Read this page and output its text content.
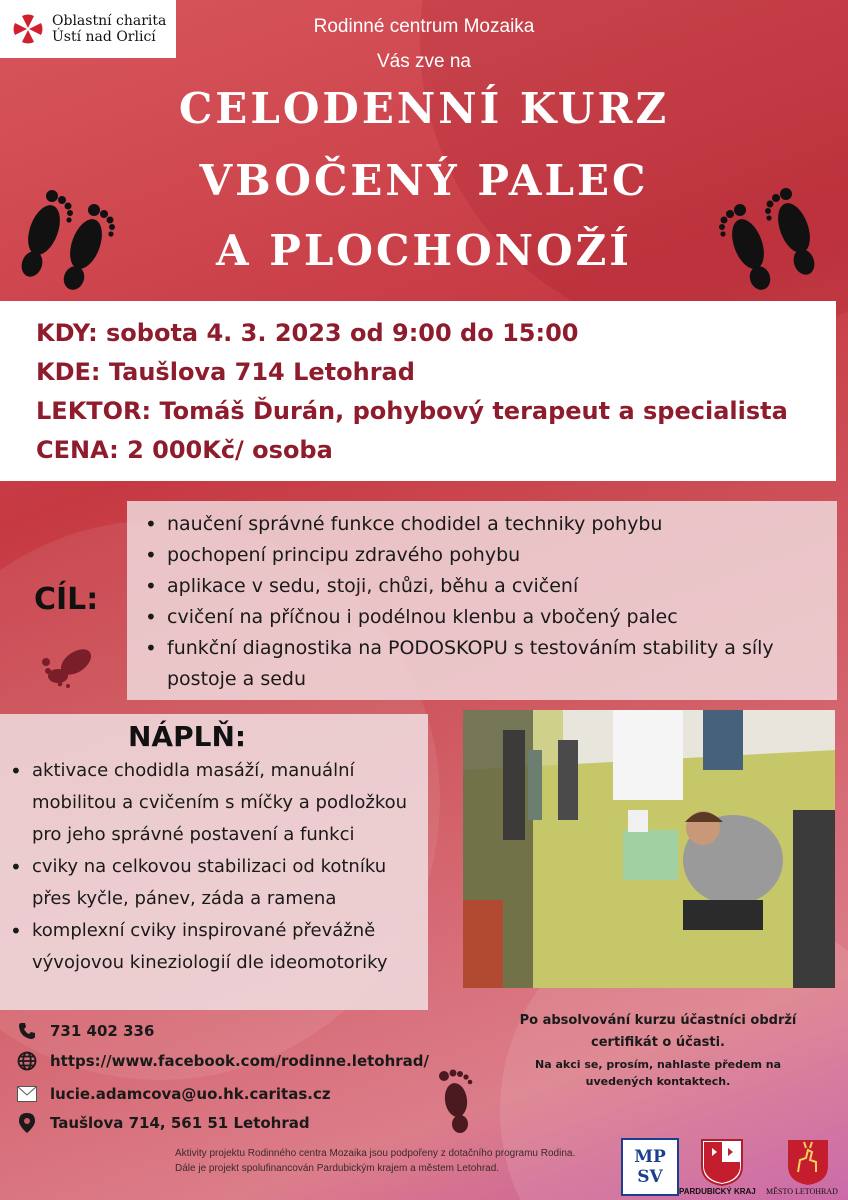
Oblastní charita
Ústí nad Orlicí	Rodinné centrum Mozaika
Vás zve na
CELODENNÍ KURZ
VBOČENÝ PALEC
A PLOCHONOŽÍ
KDY: sobota 4. 3. 2023 od 9:00 do 15:00
KDE: Taušlova 714 Letohrad
LEKTOR: Tomáš Ďurán, pohybový terapeut a specialista
CENA: 2 000Kč/ osoba
CÍL:
• naučení správné funkce chodidel a techniky pohybu
• pochopení principu zdravého pohybu
• aplikace v sedu, stoji, chůzi, běhu a cvičení
• cvičení na příčnou i podélnou klenbu a vbočený palec
• funkční diagnostika na PODOSKOPU s testováním stability a síly postoje a sedu
NÁPLŇ:
• aktivace chodidla masáží, manuální mobilitou a cvičením s míčky a podložkou pro jeho správné postavení a funkci
• cviky na celkovou stabilizaci od kotníku přes kyčle, pánev, záda a ramena
• komplexní cviky inspirované převážně vývojovou kineziologií dle ideomotoriky
731 402 336
https://www.facebook.com/rodinne.letohrad/
lucie.adamcova@uo.hk.caritas.cz
Taušlova 714, 561 51 Letohrad
Po absolvování kurzu účastníci obdrží certifikát o účasti.
Na akci se, prosím, nahlaste předem na uvedených kontaktech.
Aktivity projektu Rodinného centra Mozaika jsou podpořeny z dotačního programu Rodina.
Dále je projekt spolufinancován Pardubickým krajem a městem Letohrad.
MP
SV
PARDUBICKÝ KRAJ MĚSTO LETOHRAD
